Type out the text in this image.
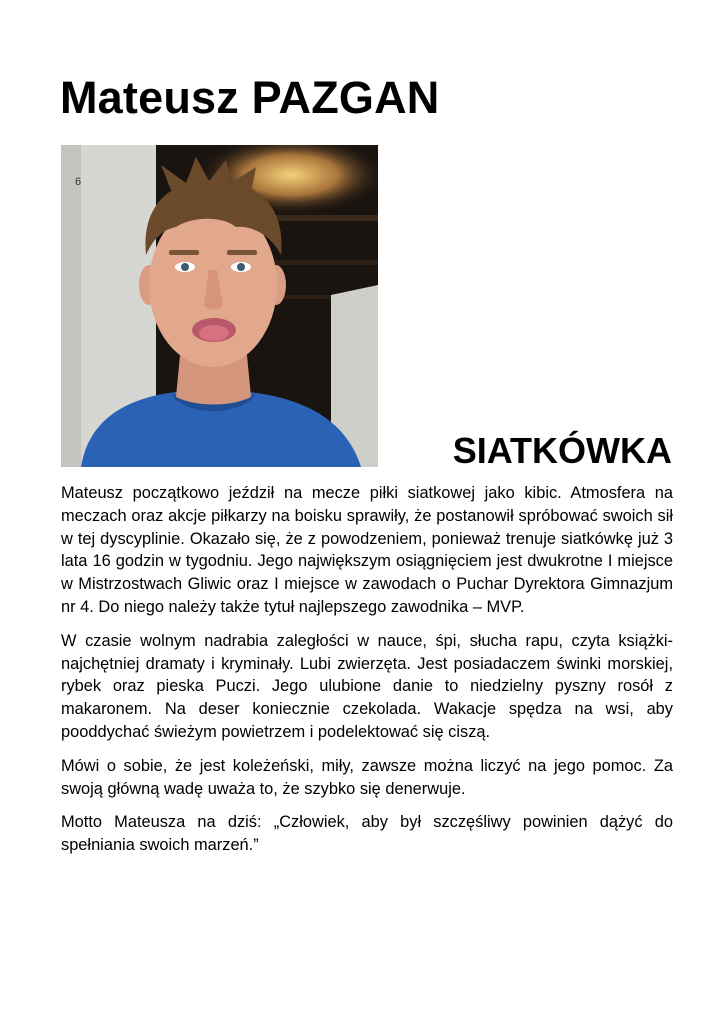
Mateusz PAZGAN
6
SIATKÓWKA

Mateusz początkowo jeździł na mecze piłki siatkowej jako kibic. Atmosfera na meczach oraz akcje piłkarzy na boisku sprawiły, że postanowił spróbować swoich sił w tej dyscyplinie. Okazało się, że z powodzeniem, ponieważ trenuje siatkówkę już 3 lata 16 godzin w tygodniu. Jego największym osiągnięciem jest dwukrotne I miejsce w Mistrzostwach Gliwic oraz I miejsce w zawodach o Puchar Dyrektora Gimnazjum nr 4. Do niego należy także tytuł najlepszego zawodnika – MVP.

W czasie wolnym nadrabia zaległości w nauce, śpi, słucha rapu, czyta książki- najchętniej dramaty i kryminały. Lubi zwierzęta. Jest posiadaczem świnki morskiej, rybek oraz pieska Puczi. Jego ulubione danie to niedzielny pyszny rosół z makaronem. Na deser koniecznie czekolada. Wakacje spędza na wsi, aby pooddychać świeżym powietrzem i podelektować się ciszą.

Mówi o sobie, że jest koleżeński, miły, zawsze można liczyć na jego pomoc. Za swoją główną wadę uważa to, że szybko się denerwuje.

Motto Mateusza na dziś: „Człowiek, aby był szczęśliwy powinien dążyć do spełniania swoich marzeń.”
